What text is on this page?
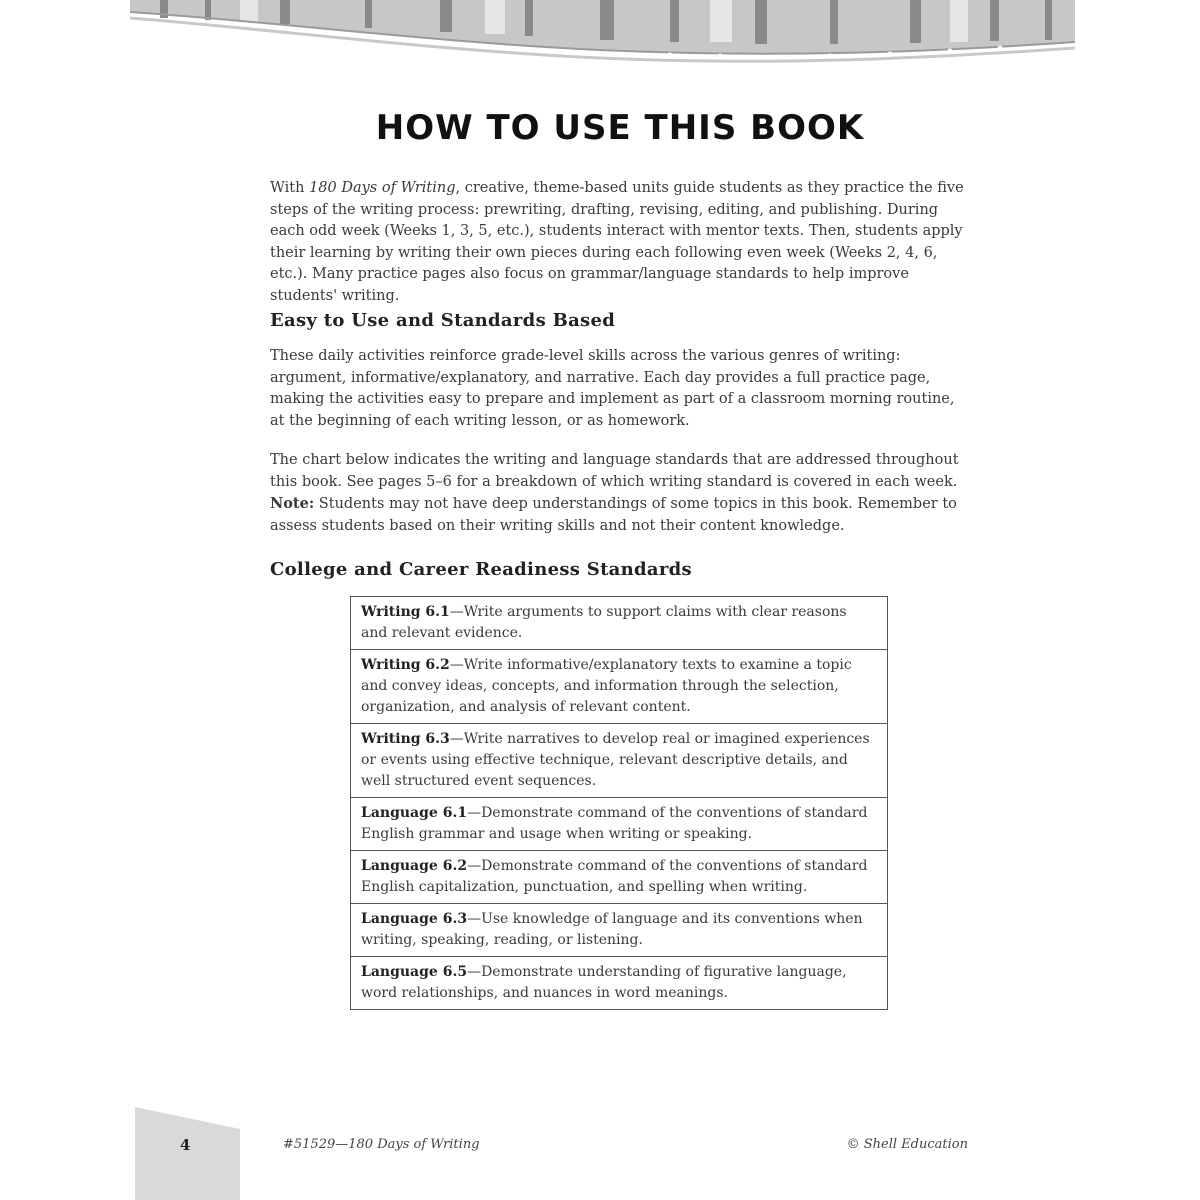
HOW TO USE THIS BOOK

With 180 Days of Writing, creative, theme-based units guide students as they practice the five steps of the writing process: prewriting, drafting, revising, editing, and publishing. During each odd week (Weeks 1, 3, 5, etc.), students interact with mentor texts. Then, students apply their learning by writing their own pieces during each following even week (Weeks 2, 4, 6, etc.). Many practice pages also focus on grammar/language standards to help improve students' writing.

Easy to Use and Standards Based

These daily activities reinforce grade-level skills across the various genres of writing: argument, informative/explanatory, and narrative. Each day provides a full practice page, making the activities easy to prepare and implement as part of a classroom morning routine, at the beginning of each writing lesson, or as homework.

The chart below indicates the writing and language standards that are addressed throughout this book. See pages 5–6 for a breakdown of which writing standard is covered in each week. Note: Students may not have deep understandings of some topics in this book. Remember to assess students based on their writing skills and not their content knowledge.

College and Career Readiness Standards
Writing 6.1—Write arguments to support claims with clear reasons and relevant evidence.
Writing 6.2—Write informative/explanatory texts to examine a topic and convey ideas, concepts, and information through the selection, organization, and analysis of relevant content.
Writing 6.3—Write narratives to develop real or imagined experiences or events using effective technique, relevant descriptive details, and well structured event sequences.
Language 6.1—Demonstrate command of the conventions of standard English grammar and usage when writing or speaking.
Language 6.2—Demonstrate command of the conventions of standard English capitalization, punctuation, and spelling when writing.
Language 6.3—Use knowledge of language and its conventions when writing, speaking, reading, or listening.
Language 6.5—Demonstrate understanding of figurative language, word relationships, and nuances in word meanings.
4	#51529—180 Days of Writing	© Shell Education
